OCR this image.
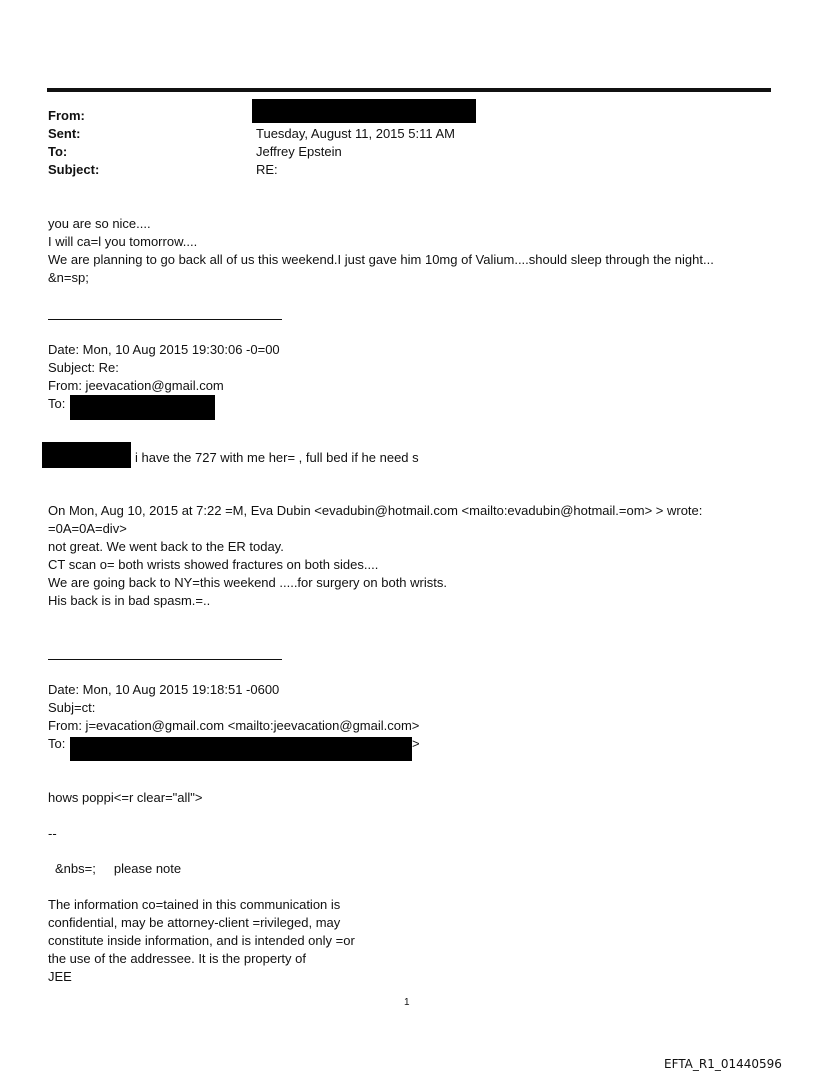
From:
Sent:	Tuesday, August 11, 2015 5:11 AM
To:	Jeffrey Epstein
Subject:	RE:
you are so nice....
I will ca=l you tomorrow....
We are planning to go back all of us this weekend.I just gave him 10mg of Valium....should sleep through the night...
&n=sp;
Date: Mon, 10 Aug 2015 19:30:06 -0=00
Subject: Re:
From: jeevacation@gmail.com
To:
i have the 727 with me her= , full bed if he need s
On Mon, Aug 10, 2015 at 7:22 =M, Eva Dubin <evadubin@hotmail.com <mailto:evadubin@hotmail.=om> > wrote:
=0A=0A=div>
not great. We went back to the ER today.
CT scan o= both wrists showed fractures on both sides....
We are going back to NY=this weekend .....for surgery on both wrists.
His back is in bad spasm.=..
Date: Mon, 10 Aug 2015 19:18:51 -0600
Subj=ct:
From: j=evacation@gmail.com <mailto:jeevacation@gmail.com>
To:	>
hows poppi<=r clear="all">
--
&nbs=;     please note
The information co=tained in this communication is
confidential, may be attorney-client =rivileged, may
constitute inside information, and is intended only =or
the use of the addressee. It is the property of
JEE
1
EFTA_R1_01440596
